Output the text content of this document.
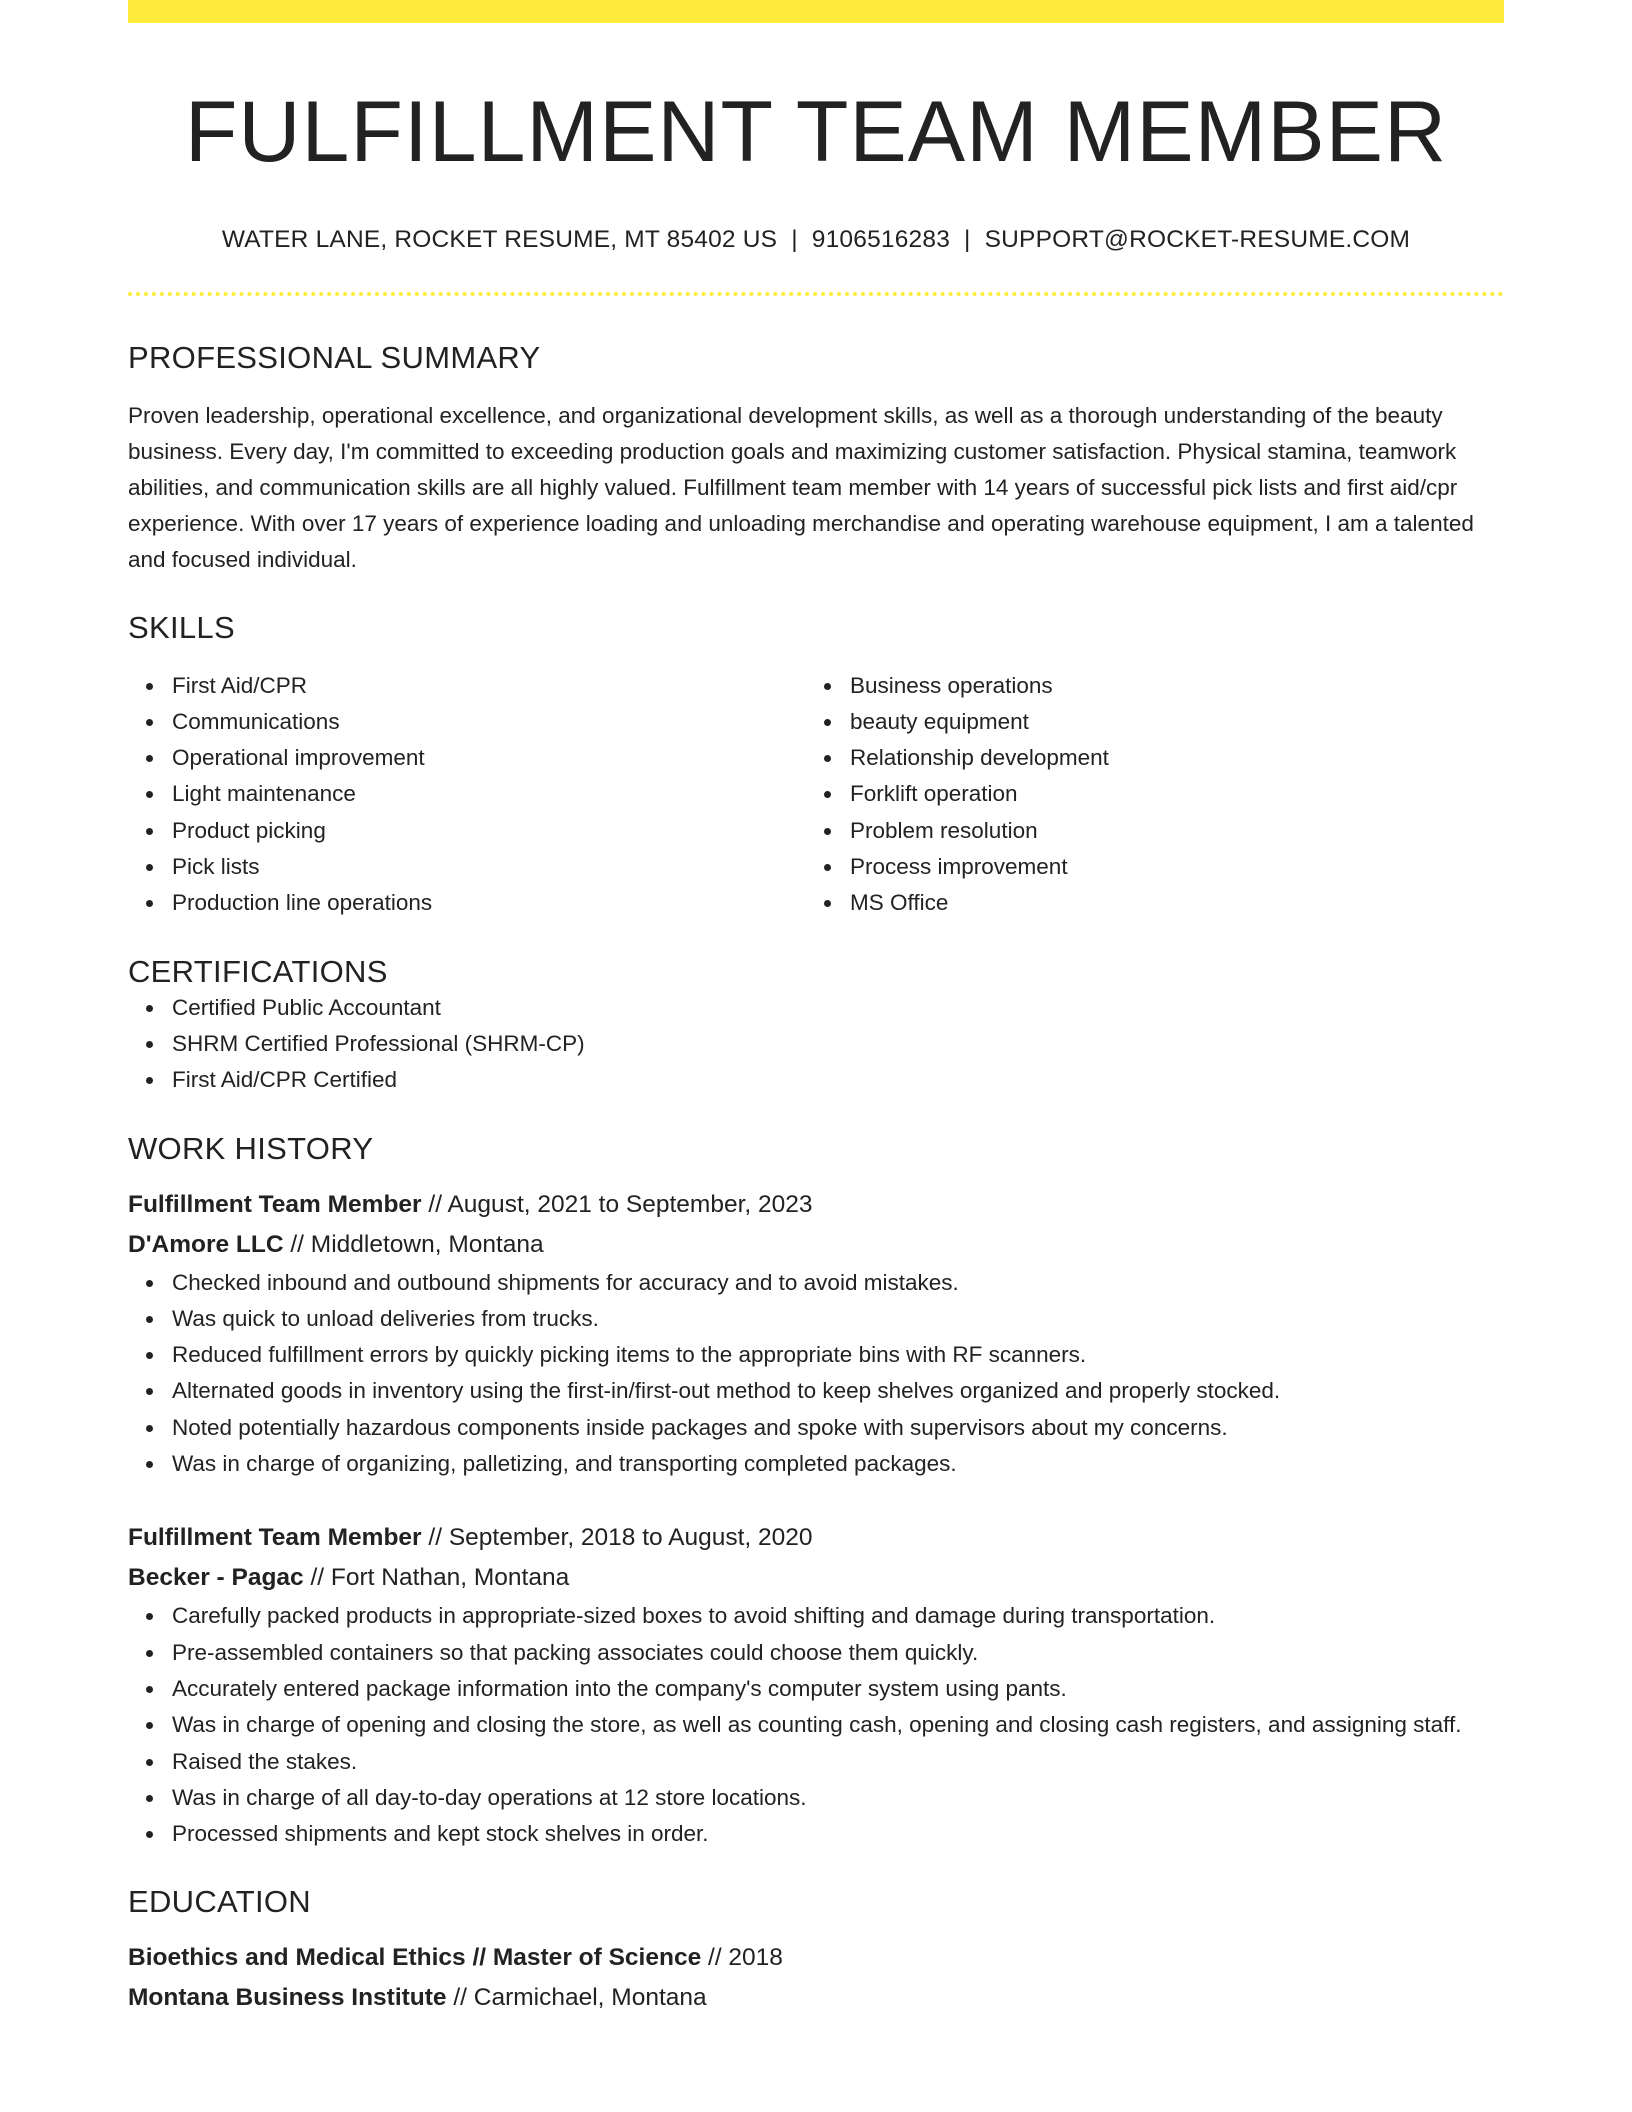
FULFILLMENT TEAM MEMBER
WATER LANE, ROCKET RESUME, MT 85402 US | 9106516283 | SUPPORT@ROCKET-RESUME.COM
PROFESSIONAL SUMMARY
Proven leadership, operational excellence, and organizational development skills, as well as a thorough understanding of the beauty business. Every day, I'm committed to exceeding production goals and maximizing customer satisfaction. Physical stamina, teamwork abilities, and communication skills are all highly valued. Fulfillment team member with 14 years of successful pick lists and first aid/cpr experience. With over 17 years of experience loading and unloading merchandise and operating warehouse equipment, I am a talented and focused individual.
SKILLS
First Aid/CPR
Communications
Operational improvement
Light maintenance
Product picking
Pick lists
Production line operations
Business operations
beauty equipment
Relationship development
Forklift operation
Problem resolution
Process improvement
MS Office
CERTIFICATIONS
Certified Public Accountant
SHRM Certified Professional (SHRM-CP)
First Aid/CPR Certified
WORK HISTORY
Fulfillment Team Member // August, 2021 to September, 2023
D'Amore LLC // Middletown, Montana
Checked inbound and outbound shipments for accuracy and to avoid mistakes.
Was quick to unload deliveries from trucks.
Reduced fulfillment errors by quickly picking items to the appropriate bins with RF scanners.
Alternated goods in inventory using the first-in/first-out method to keep shelves organized and properly stocked.
Noted potentially hazardous components inside packages and spoke with supervisors about my concerns.
Was in charge of organizing, palletizing, and transporting completed packages.
Fulfillment Team Member // September, 2018 to August, 2020
Becker - Pagac // Fort Nathan, Montana
Carefully packed products in appropriate-sized boxes to avoid shifting and damage during transportation.
Pre-assembled containers so that packing associates could choose them quickly.
Accurately entered package information into the company's computer system using pants.
Was in charge of opening and closing the store, as well as counting cash, opening and closing cash registers, and assigning staff.
Raised the stakes.
Was in charge of all day-to-day operations at 12 store locations.
Processed shipments and kept stock shelves in order.
EDUCATION
Bioethics and Medical Ethics // Master of Science // 2018
Montana Business Institute // Carmichael, Montana
